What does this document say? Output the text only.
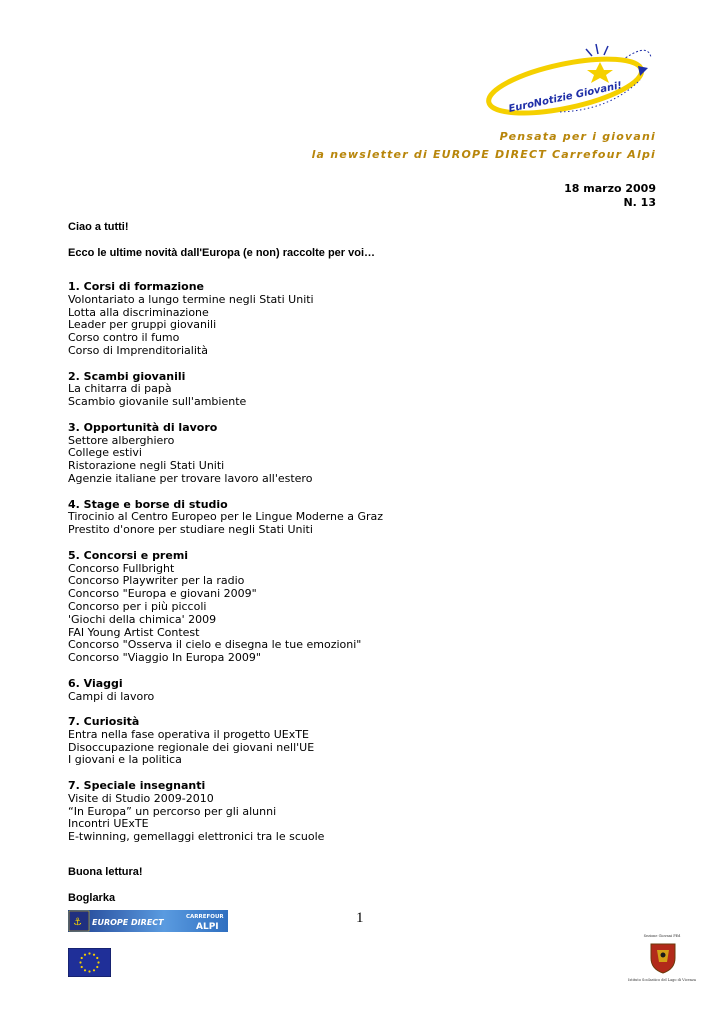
EuroNotizie Giovani!
Pensata per i giovani
la newsletter di EUROPE DIRECT Carrefour Alpi
18 marzo 2009
N. 13
Ciao a tutti!
Ecco le ultime novità dall'Europa (e non) raccolte per voi…
1. Corsi di formazione
Volontariato a lungo termine negli Stati Uniti
Lotta alla discriminazione
Leader per gruppi giovanili
Corso contro il fumo
Corso di Imprenditorialità
2. Scambi giovanili
La chitarra di papà
Scambio giovanile sull'ambiente
3. Opportunità di lavoro
Settore alberghiero
College estivi
Ristorazione negli Stati Uniti
Agenzie italiane per trovare lavoro all'estero
4. Stage e borse di studio
Tirocinio al Centro Europeo per le Lingue Moderne a Graz
Prestito d'onore per studiare negli Stati Uniti
5. Concorsi e premi
Concorso Fullbright
Concorso Playwriter per la radio
Concorso "Europa e giovani 2009"
Concorso per i più piccoli
'Giochi della chimica' 2009
FAI Young Artist Contest
Concorso "Osserva il cielo e disegna le tue emozioni"
Concorso "Viaggio In Europa 2009"
6. Viaggi
Campi di lavoro
7. Curiosità
Entra nella fase operativa il progetto UExTE
Disoccupazione regionale dei giovani nell'UE
I giovani e la politica
7. Speciale insegnanti
Visite di Studio 2009-2010
“In Europa” un percorso per gli alunni
Incontri UExTE
E-twinning, gemellaggi elettronici tra le scuole
Buona lettura!
Boglarka
1
⚓ EUROPE DIRECT
CARREFOUR
ALPI
Sezione Giovani PEd
Istituto Scolastico del Lago di Vicenza
